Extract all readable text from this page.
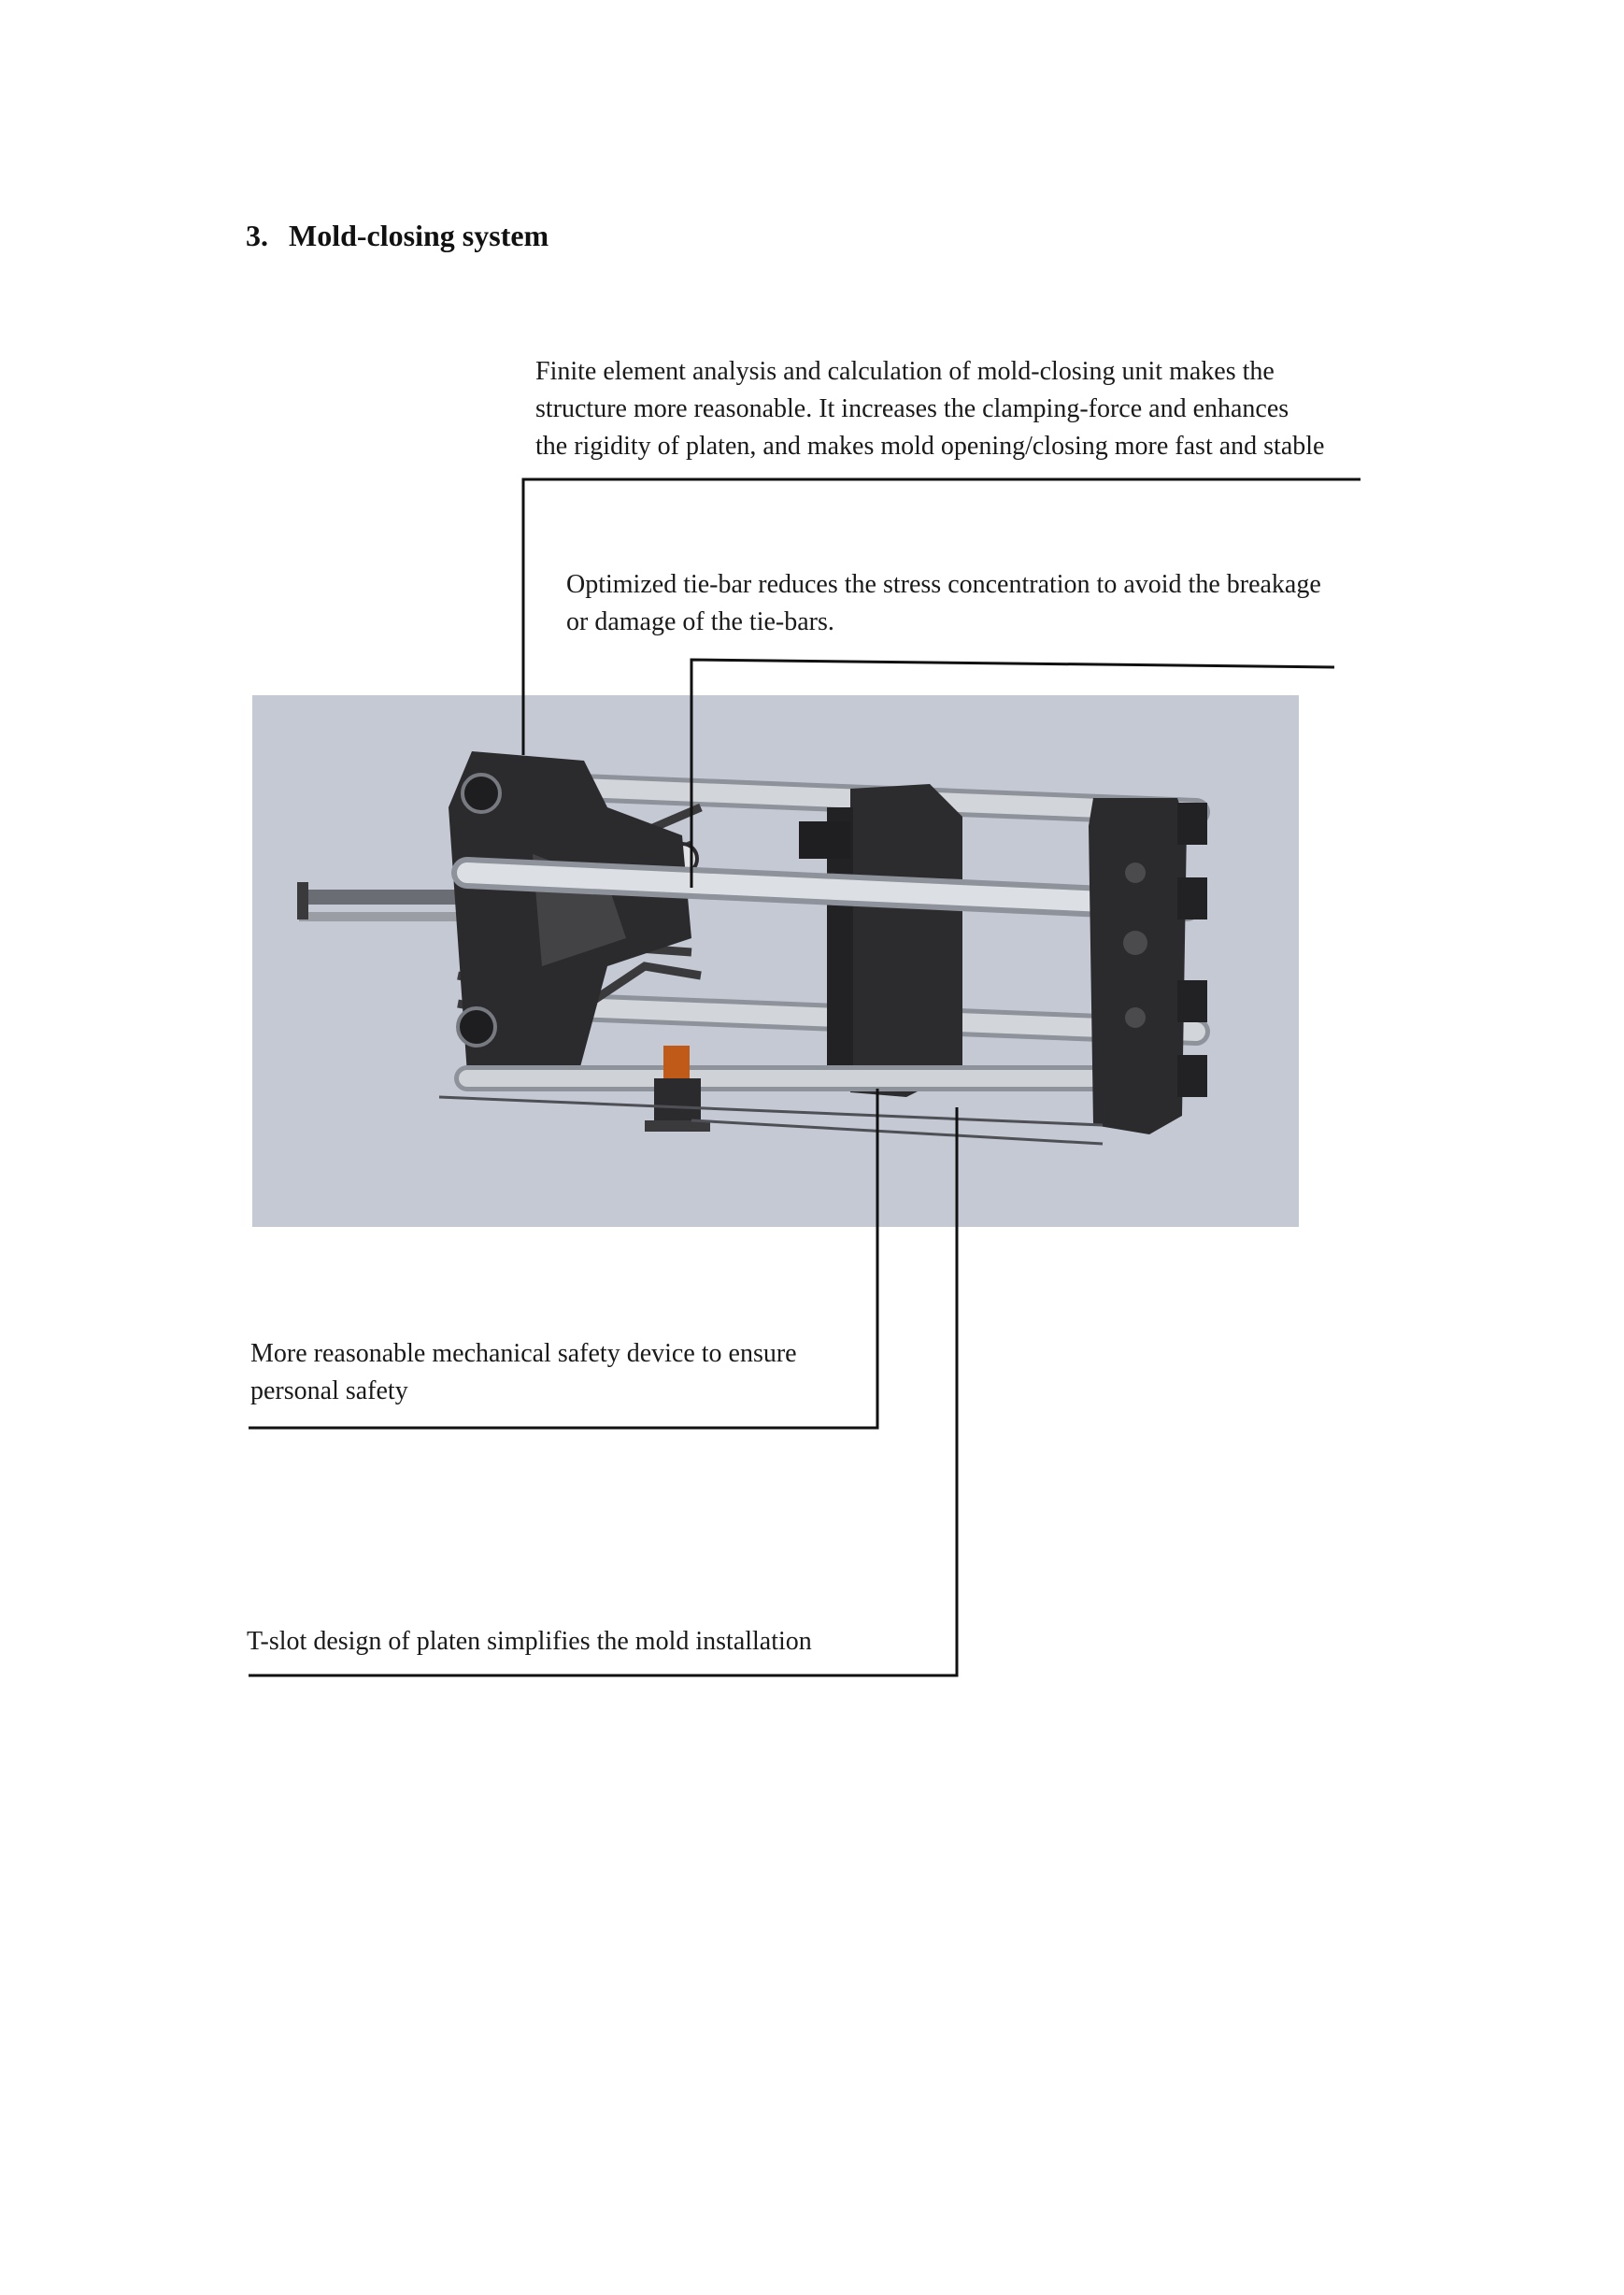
3. Mold-closing system
Finite element analysis and calculation of mold-closing unit makes the
structure more reasonable. It increases the clamping-force and enhances
the rigidity of platen, and makes mold opening/closing more fast and stable
Optimized tie-bar reduces the stress concentration to avoid the breakage
or damage of the tie-bars.
More reasonable mechanical safety device to ensure
personal safety
T-slot design of platen simplifies the mold installation
